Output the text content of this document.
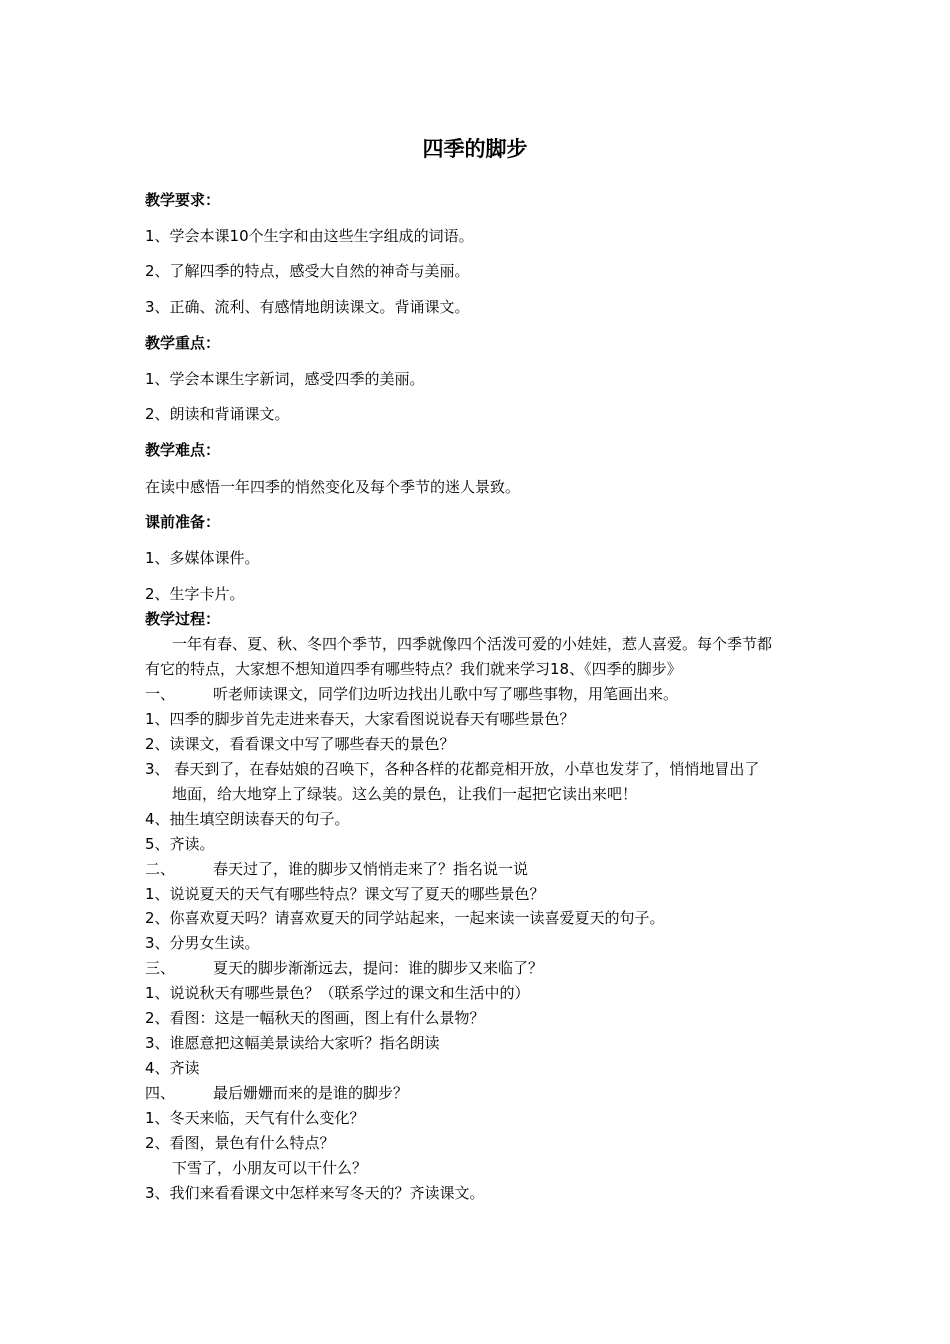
四季的脚步
教学要求：
1、学会本课10个生字和由这些生字组成的词语。
2、了解四季的特点，感受大自然的神奇与美丽。
3、正确、流利、有感情地朗读课文。背诵课文。
教学重点：
1、学会本课生字新词，感受四季的美丽。
2、朗读和背诵课文。
教学难点：
在读中感悟一年四季的悄然变化及每个季节的迷人景致。
课前准备：
1、多媒体课件。
2、生字卡片。
教学过程：
一年有春、夏、秋、冬四个季节，四季就像四个活泼可爱的小娃娃，惹人喜爱。每个季节都
有它的特点，大家想不想知道四季有哪些特点？我们就来学习18、《四季的脚步》
一、	听老师读课文，同学们边听边找出儿歌中写了哪些事物，用笔画出来。
1、四季的脚步首先走进来春天，大家看图说说春天有哪些景色？
2、读课文，看看课文中写了哪些春天的景色？
3、 春天到了，在春姑娘的召唤下，各种各样的花都竞相开放，小草也发芽了，悄悄地冒出了
地面，给大地穿上了绿装。这么美的景色，让我们一起把它读出来吧！
4、抽生填空朗读春天的句子。
5、齐读。
二、	春天过了，谁的脚步又悄悄走来了？指名说一说
1、说说夏天的天气有哪些特点？课文写了夏天的哪些景色？
2、你喜欢夏天吗？请喜欢夏天的同学站起来，一起来读一读喜爱夏天的句子。
3、分男女生读。
三、	夏天的脚步渐渐远去，提问：谁的脚步又来临了？
1、说说秋天有哪些景色？（联系学过的课文和生活中的）
2、看图：这是一幅秋天的图画，图上有什么景物？
3、谁愿意把这幅美景读给大家听？指名朗读
4、齐读
四、	最后姗姗而来的是谁的脚步？
1、冬天来临，天气有什么变化？
2、看图，景色有什么特点？
下雪了，小朋友可以干什么？
3、我们来看看课文中怎样来写冬天的？齐读课文。
